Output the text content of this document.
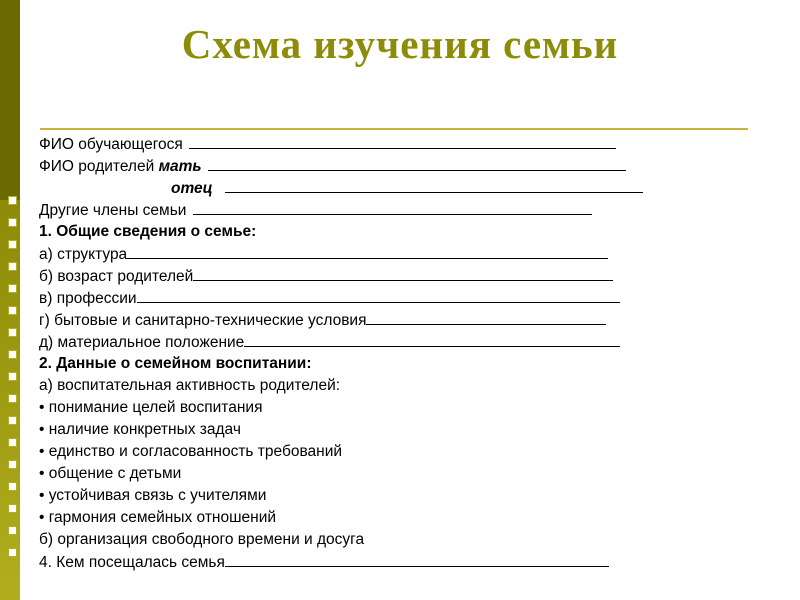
Схема изучения семьи
ФИО обучающегося
ФИО родителей мать
отец
Другие члены семьи
1. Общие сведения о семье:
а) структура
б) возраст родителей
в) профессии
г) бытовые и санитарно-технические условия
д) материальное положение
2. Данные о семейном воспитании:
а) воспитательная активность родителей:
• понимание целей воспитания
• наличие конкретных задач
• единство и согласованность требований
• общение с детьми
• устойчивая связь с учителями
• гармония семейных отношений
б) организация свободного времени и досуга
4. Кем посещалась семья
